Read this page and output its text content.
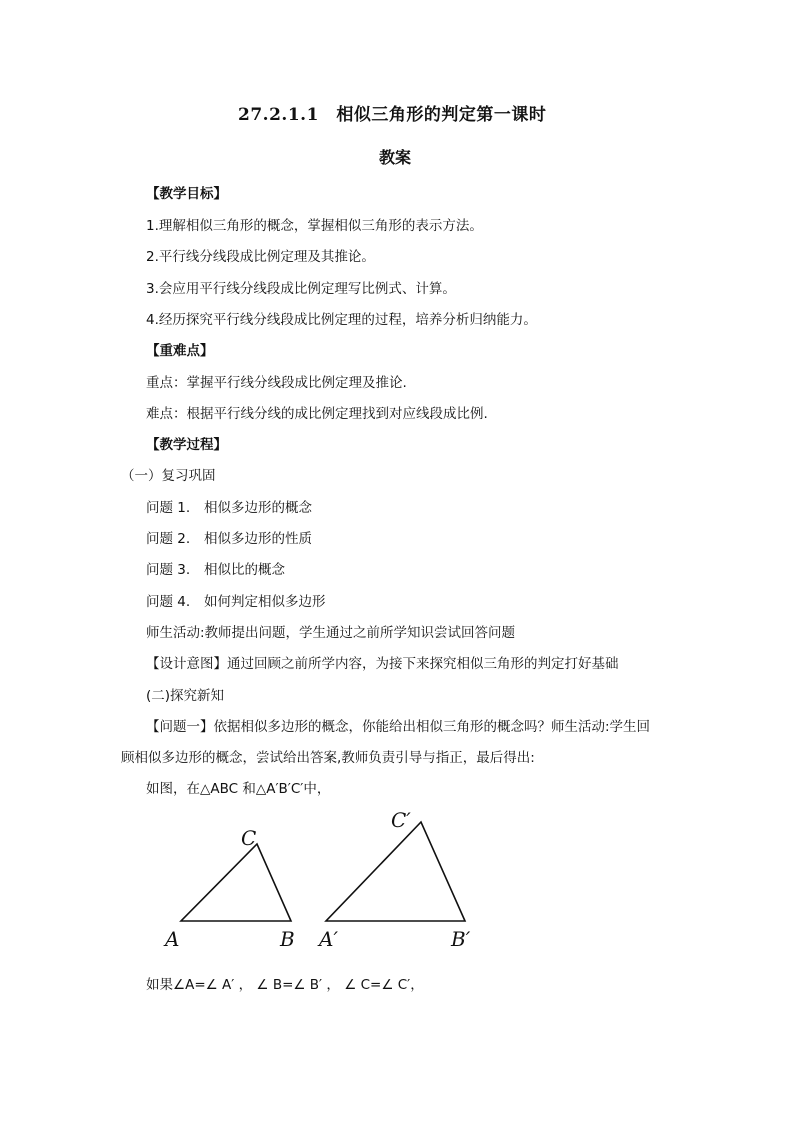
27.2.1.1　相似三角形的判定第一课时
教案
【教学目标】
1.理解相似三角形的概念，掌握相似三角形的表示方法。
2.平行线分线段成比例定理及其推论。
3.会应用平行线分线段成比例定理写比例式、计算。
4.经历探究平行线分线段成比例定理的过程，培养分析归纳能力。
【重难点】
重点：掌握平行线分线段成比例定理及推论.
难点：根据平行线分线的成比例定理找到对应线段成比例.
【教学过程】
（一）复习巩固
问题 1. 相似多边形的概念
问题 2. 相似多边形的性质
问题 3. 相似比的概念
问题 4. 如何判定相似多边形
师生活动:教师提出问题，学生通过之前所学知识尝试回答问题
【设计意图】通过回顾之前所学内容，为接下来探究相似三角形的判定打好基础
(二)探究新知
【问题一】依据相似多边形的概念，你能给出相似三角形的概念吗？师生活动:学生回
顾相似多边形的概念，尝试给出答案,教师负责引导与指正，最后得出:
如图，在△ABC 和△A′B′C′中，
A	B
C
A′	B′
C′
如果∠A=∠ A′ ， ∠ B=∠ B′ ， ∠ C=∠ C′，
